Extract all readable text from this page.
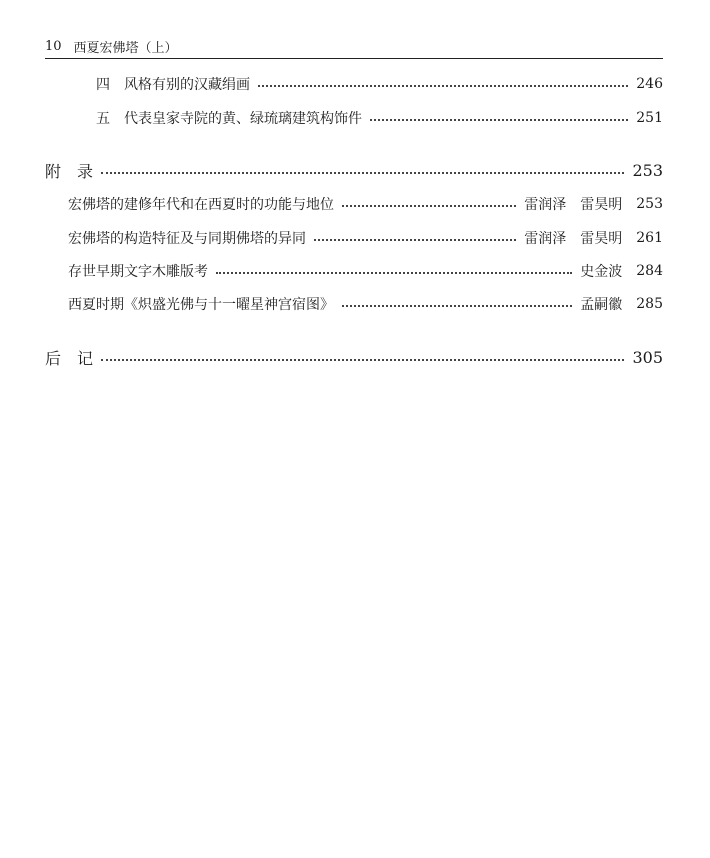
10 西夏宏佛塔（上）
四	风格有别的汉藏绢画	246
五	代表皇家寺院的黄、绿琉璃建筑构饰件	251
附　录	253
宏佛塔的建修年代和在西夏时的功能与地位	雷润泽　雷昊明 253
宏佛塔的构造特征及与同期佛塔的异同	雷润泽　雷昊明 261
存世早期文字木雕版考	史金波 284
西夏时期《炽盛光佛与十一曜星神宫宿图》	孟嗣徽 285
后　记	305
